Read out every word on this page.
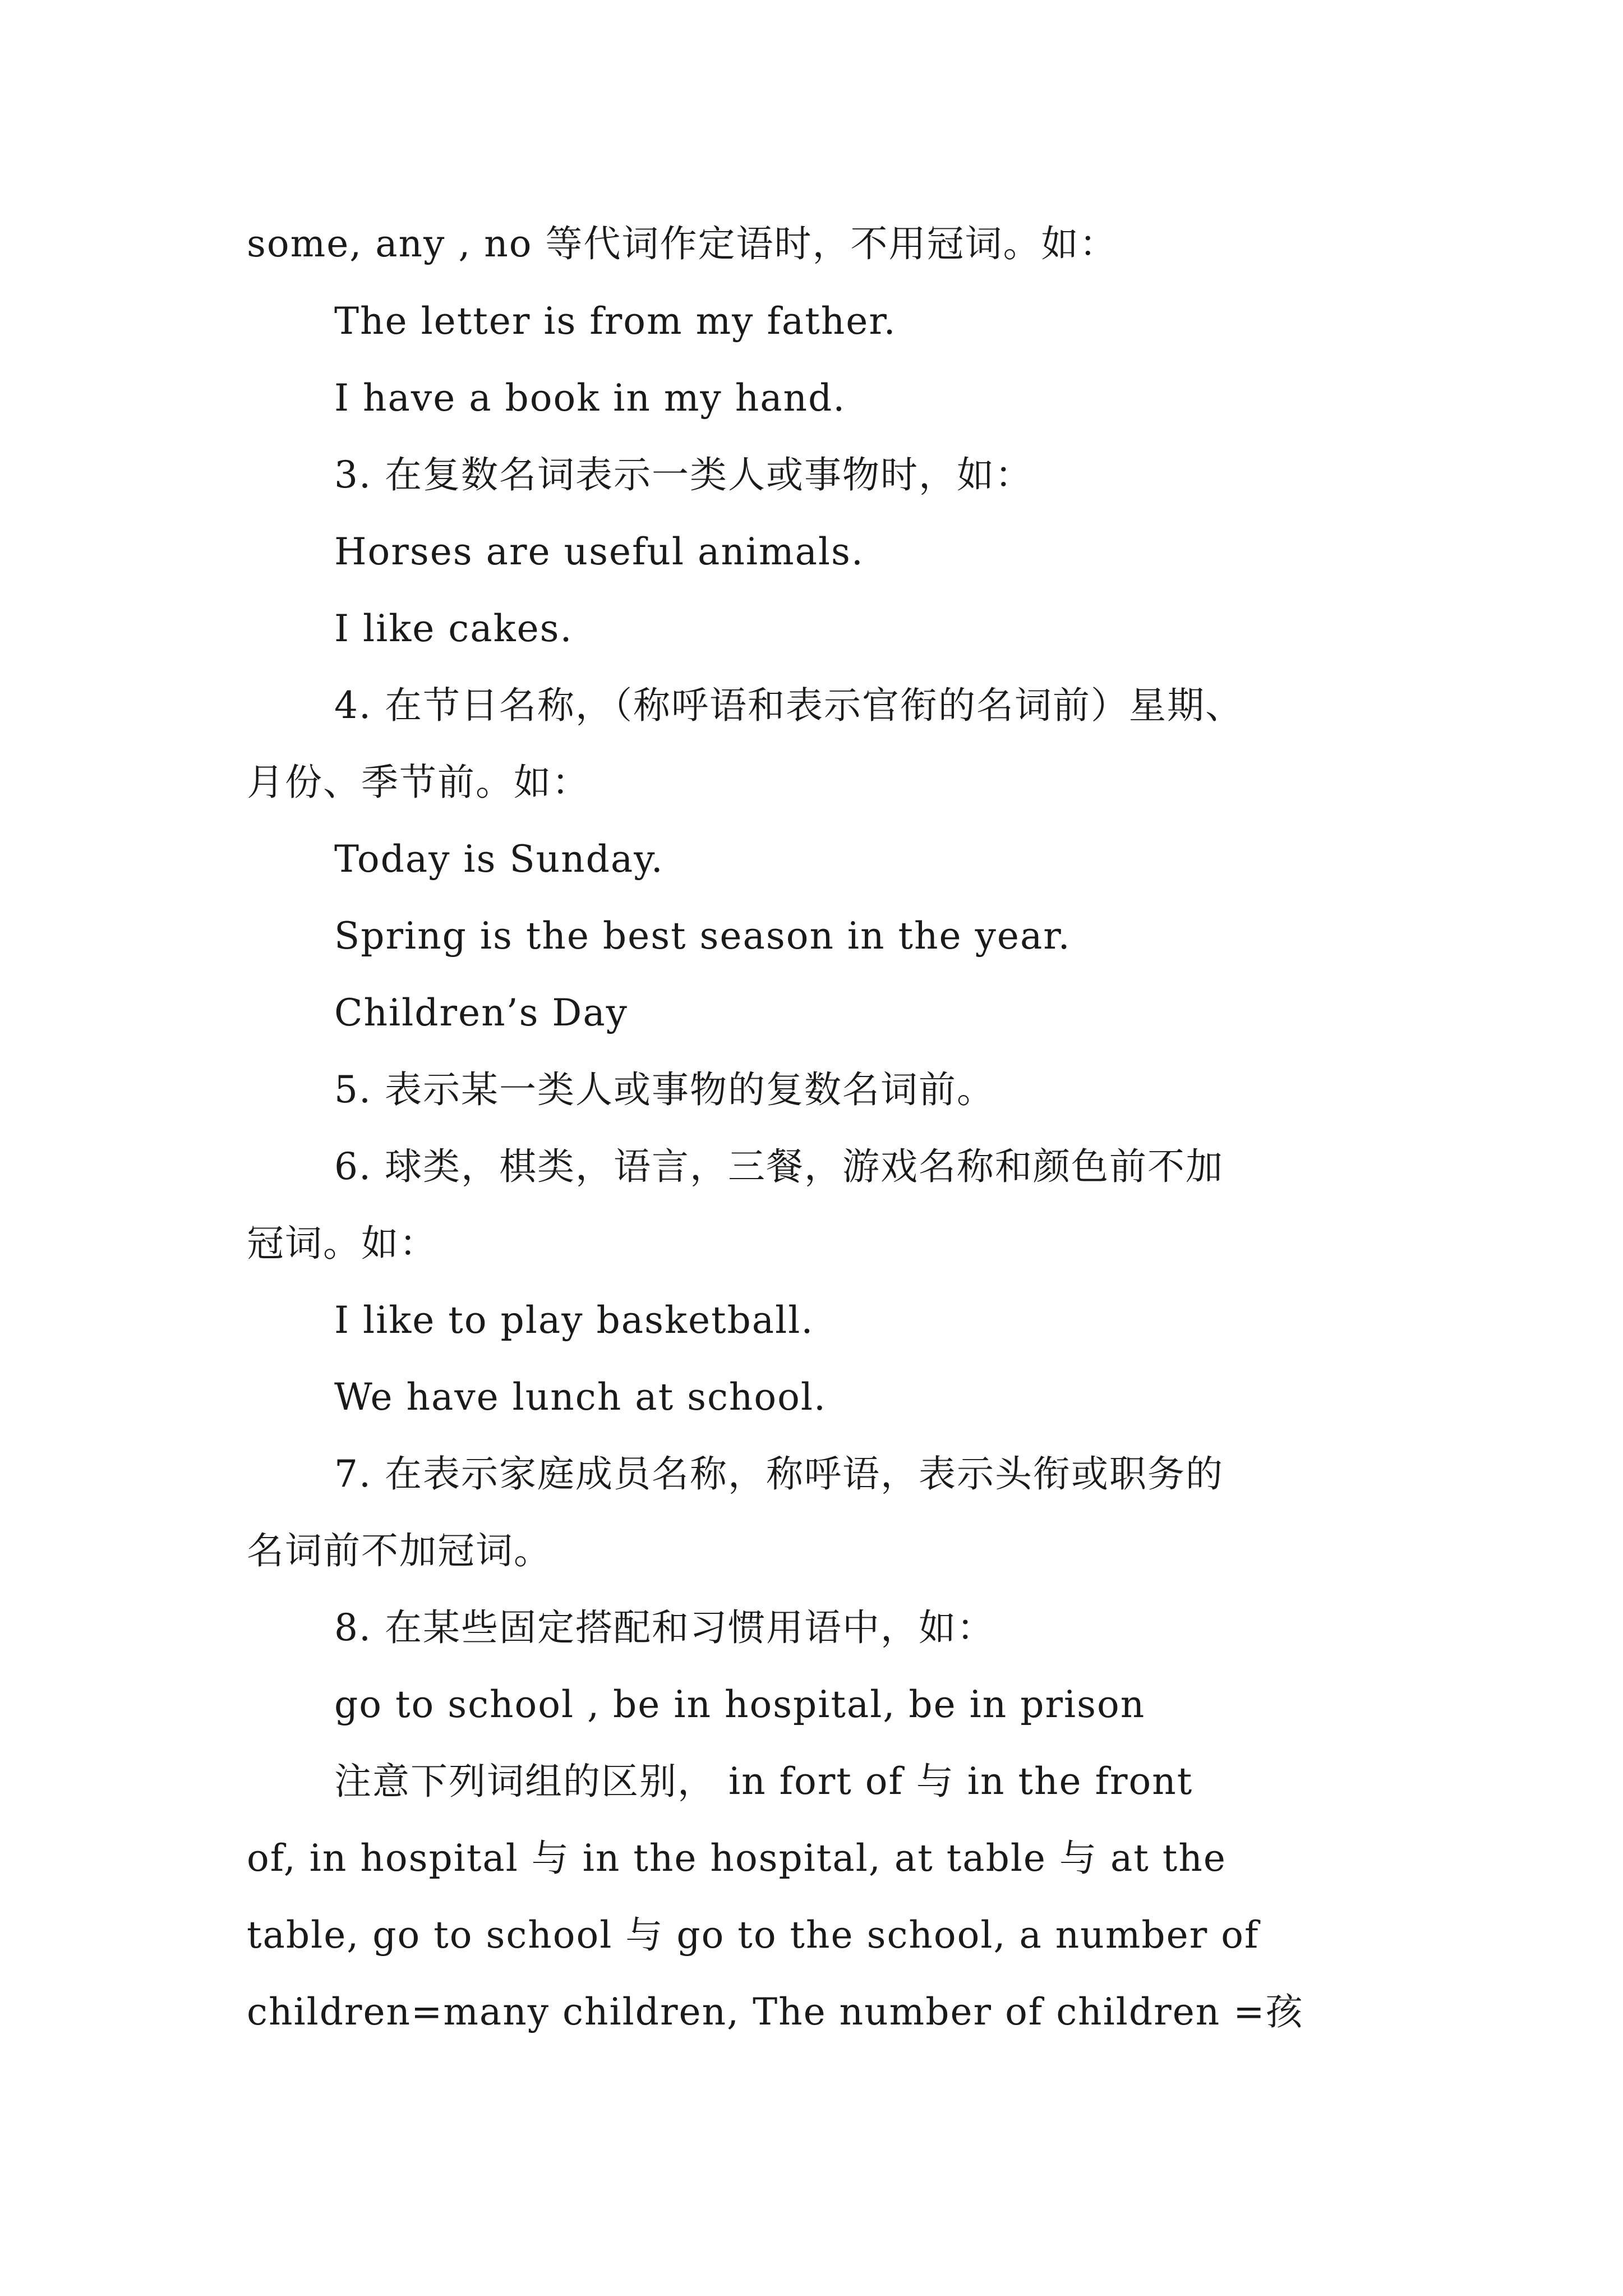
some, any , no 等代词作定语时，不用冠词。如：
The letter is from my father.
I have a book in my hand.
3. 在复数名词表示一类人或事物时，如：
Horses are useful animals.
I like cakes.
4. 在节日名称，（称呼语和表示官衔的名词前）星期、
月份、季节前。如：
Today is Sunday.
Spring is the best season in the year.
Children’s Day
5. 表示某一类人或事物的复数名词前。
6. 球类，棋类，语言，三餐，游戏名称和颜色前不加
冠词。如：
I like to play basketball.
We have lunch at school.
7. 在表示家庭成员名称，称呼语，表示头衔或职务的
名词前不加冠词。
8. 在某些固定搭配和习惯用语中，如：
go to school , be in hospital, be in prison
注意下列词组的区别， in fort of 与 in the front
of, in hospital 与 in the hospital, at table 与 at the
table, go to school 与 go to the school, a number of
children=many children, The number of children =孩
